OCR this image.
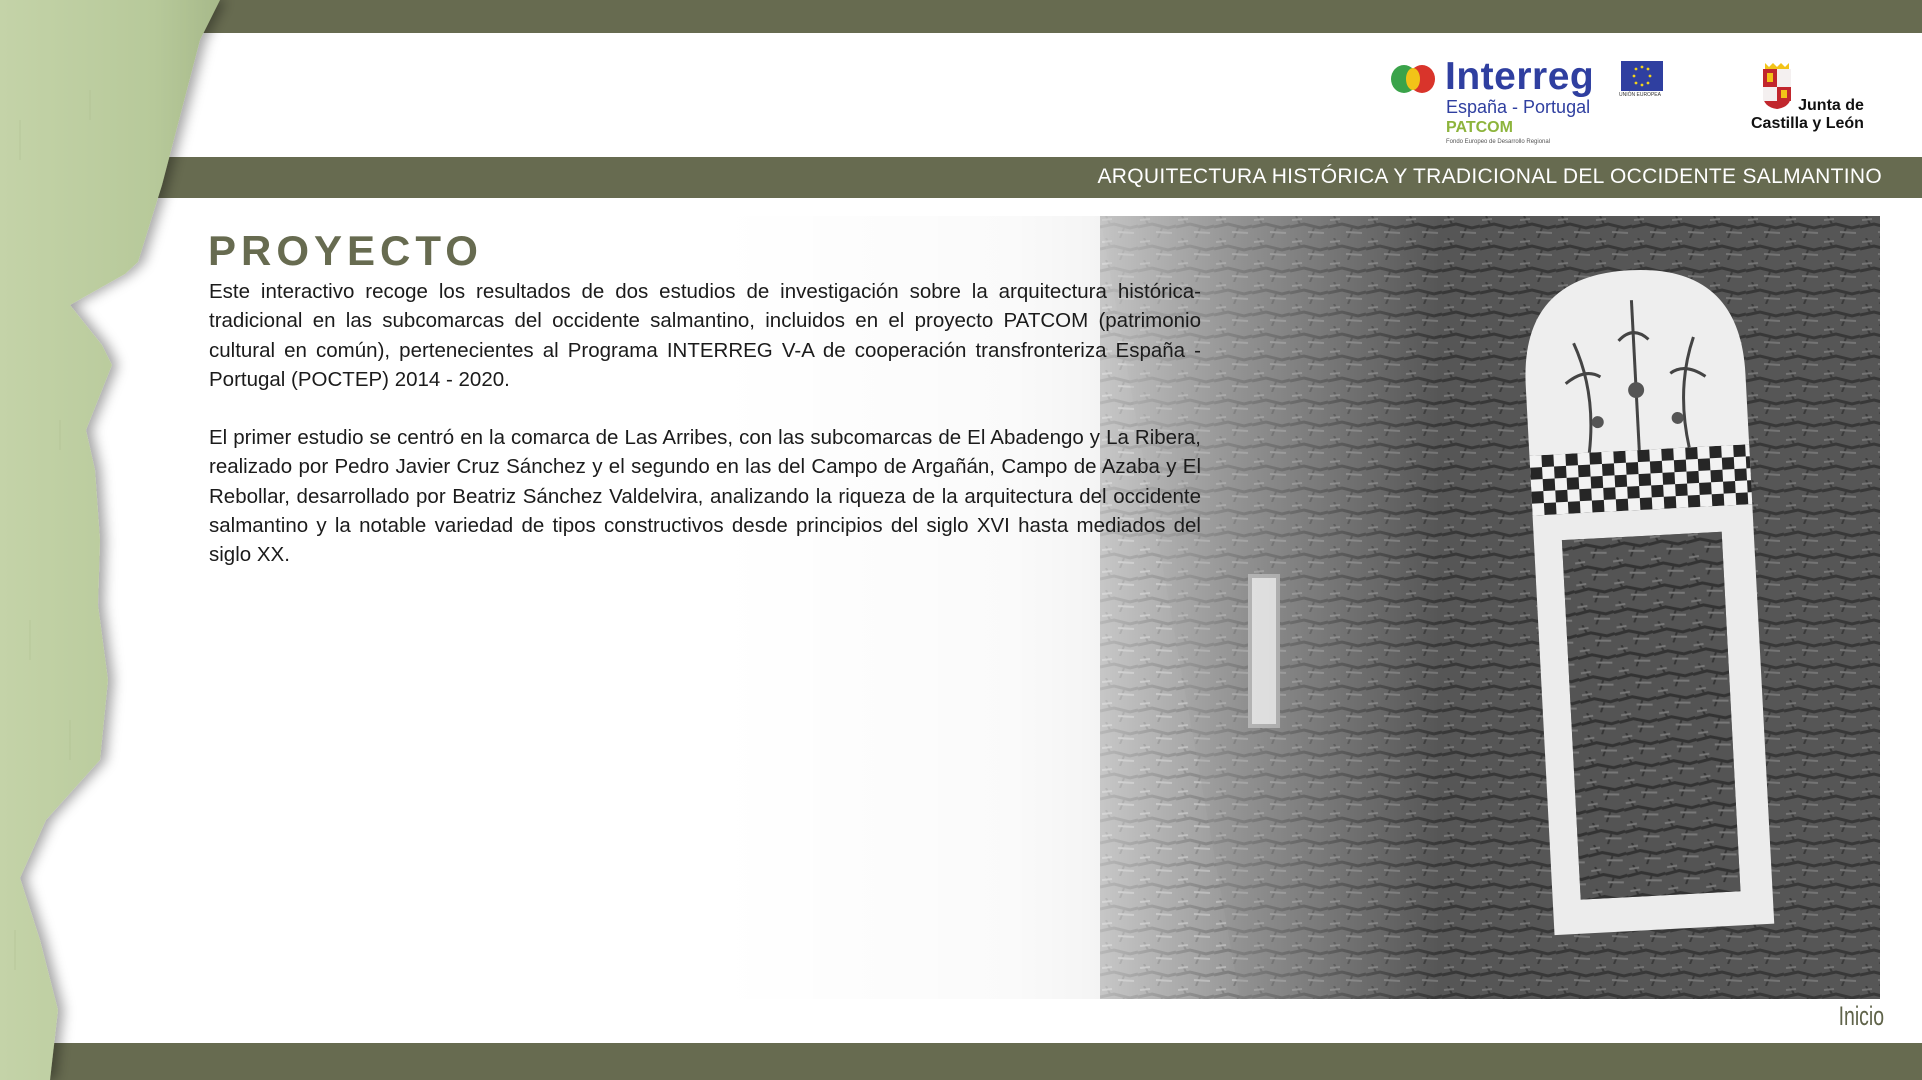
ARQUITECTURA HISTÓRICA Y TRADICIONAL DEL OCCIDENTE SALMANTINO
Interreg
España - Portugal
PATCOM
Fondo Europeo de Desarrollo Regional
UNIÓN EUROPEA
Junta de
Castilla y León
PROYECTO

Este interactivo recoge los resultados de dos estudios de investigación sobre la arquitectura histórica-tradicional en las subcomarcas del occidente salmantino, incluidos en el proyecto PATCOM (patrimonio cultural en común), pertenecientes al Programa INTERREG V-A de cooperación transfronteriza España - Portugal (POCTEP) 2014 - 2020.

El primer estudio se centró en la comarca de Las Arribes, con las subcomarcas de El Abadengo y La Ribera, realizado por Pedro Javier Cruz Sánchez y el segundo en las del Campo de Argañán, Campo de Azaba y El Rebollar, desarrollado por Beatriz Sánchez Valdelvira, analizando la riqueza de la arquitectura del occidente salmantino y la notable variedad de tipos constructivos desde principios del siglo XVI hasta mediados del siglo XX.

Inicio
